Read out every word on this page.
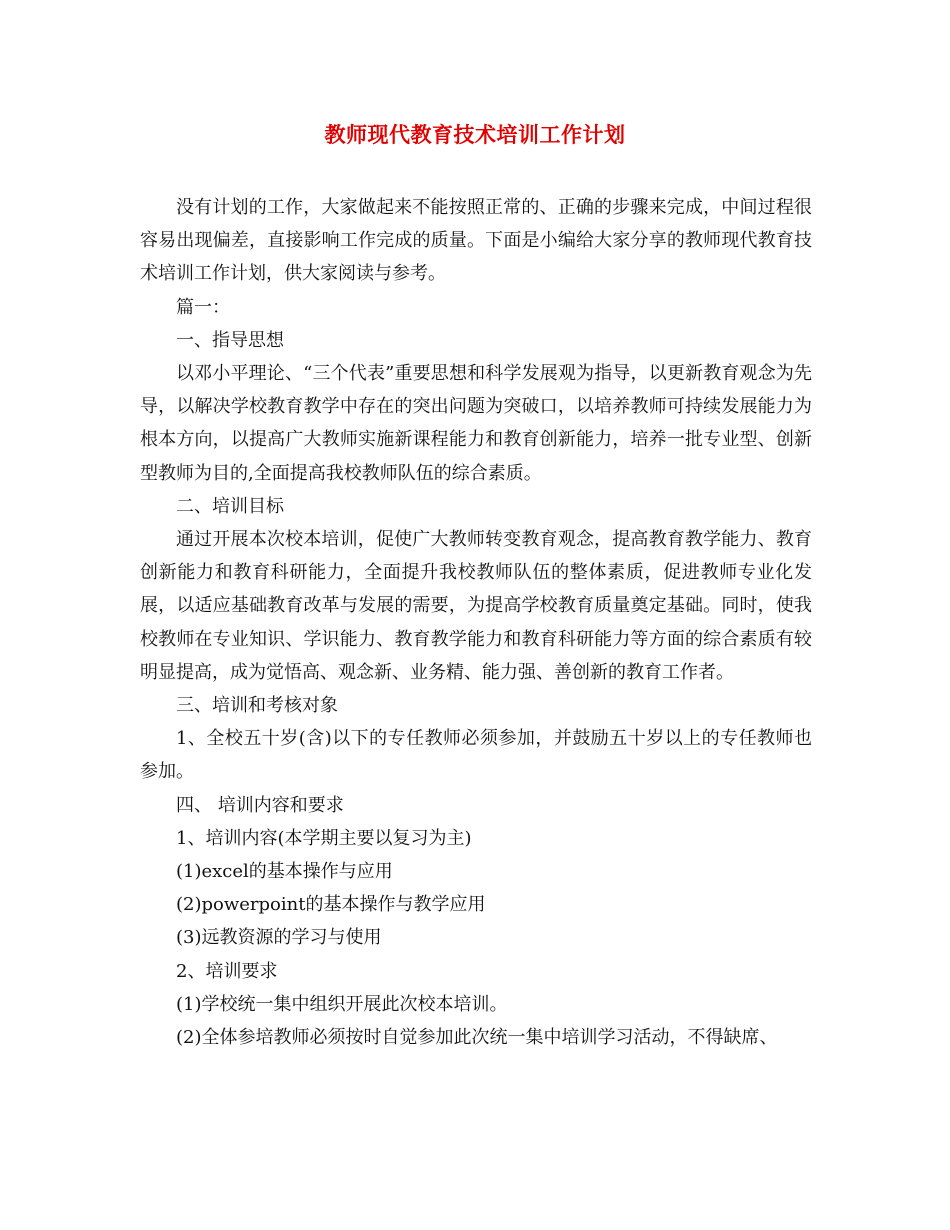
教师现代教育技术培训工作计划

没有计划的工作，大家做起来不能按照正常的、正确的步骤来完成，中间过程很容易出现偏差，直接影响工作完成的质量。下面是小编给大家分享的教师现代教育技术培训工作计划，供大家阅读与参考。

篇一：

一、指导思想

以邓小平理论、“三个代表”重要思想和科学发展观为指导，以更新教育观念为先导，以解决学校教育教学中存在的突出问题为突破口，以培养教师可持续发展能力为根本方向，以提高广大教师实施新课程能力和教育创新能力，培养一批专业型、创新型教师为目的,全面提高我校教师队伍的综合素质。

二、培训目标

通过开展本次校本培训，促使广大教师转变教育观念，提高教育教学能力、教育创新能力和教育科研能力，全面提升我校教师队伍的整体素质，促进教师专业化发展，以适应基础教育改革与发展的需要，为提高学校教育质量奠定基础。同时，使我校教师在专业知识、学识能力、教育教学能力和教育科研能力等方面的综合素质有较明显提高，成为觉悟高、观念新、业务精、能力强、善创新的教育工作者。

三、培训和考核对象

1、全校五十岁(含)以下的专任教师必须参加，并鼓励五十岁以上的专任教师也参加。

四、 培训内容和要求

1、培训内容(本学期主要以复习为主)

(1)excel的基本操作与应用

(2)powerpoint的基本操作与教学应用

(3)远教资源的学习与使用

2、培训要求

(1)学校统一集中组织开展此次校本培训。

(2)全体参培教师必须按时自觉参加此次统一集中培训学习活动，不得缺席、
